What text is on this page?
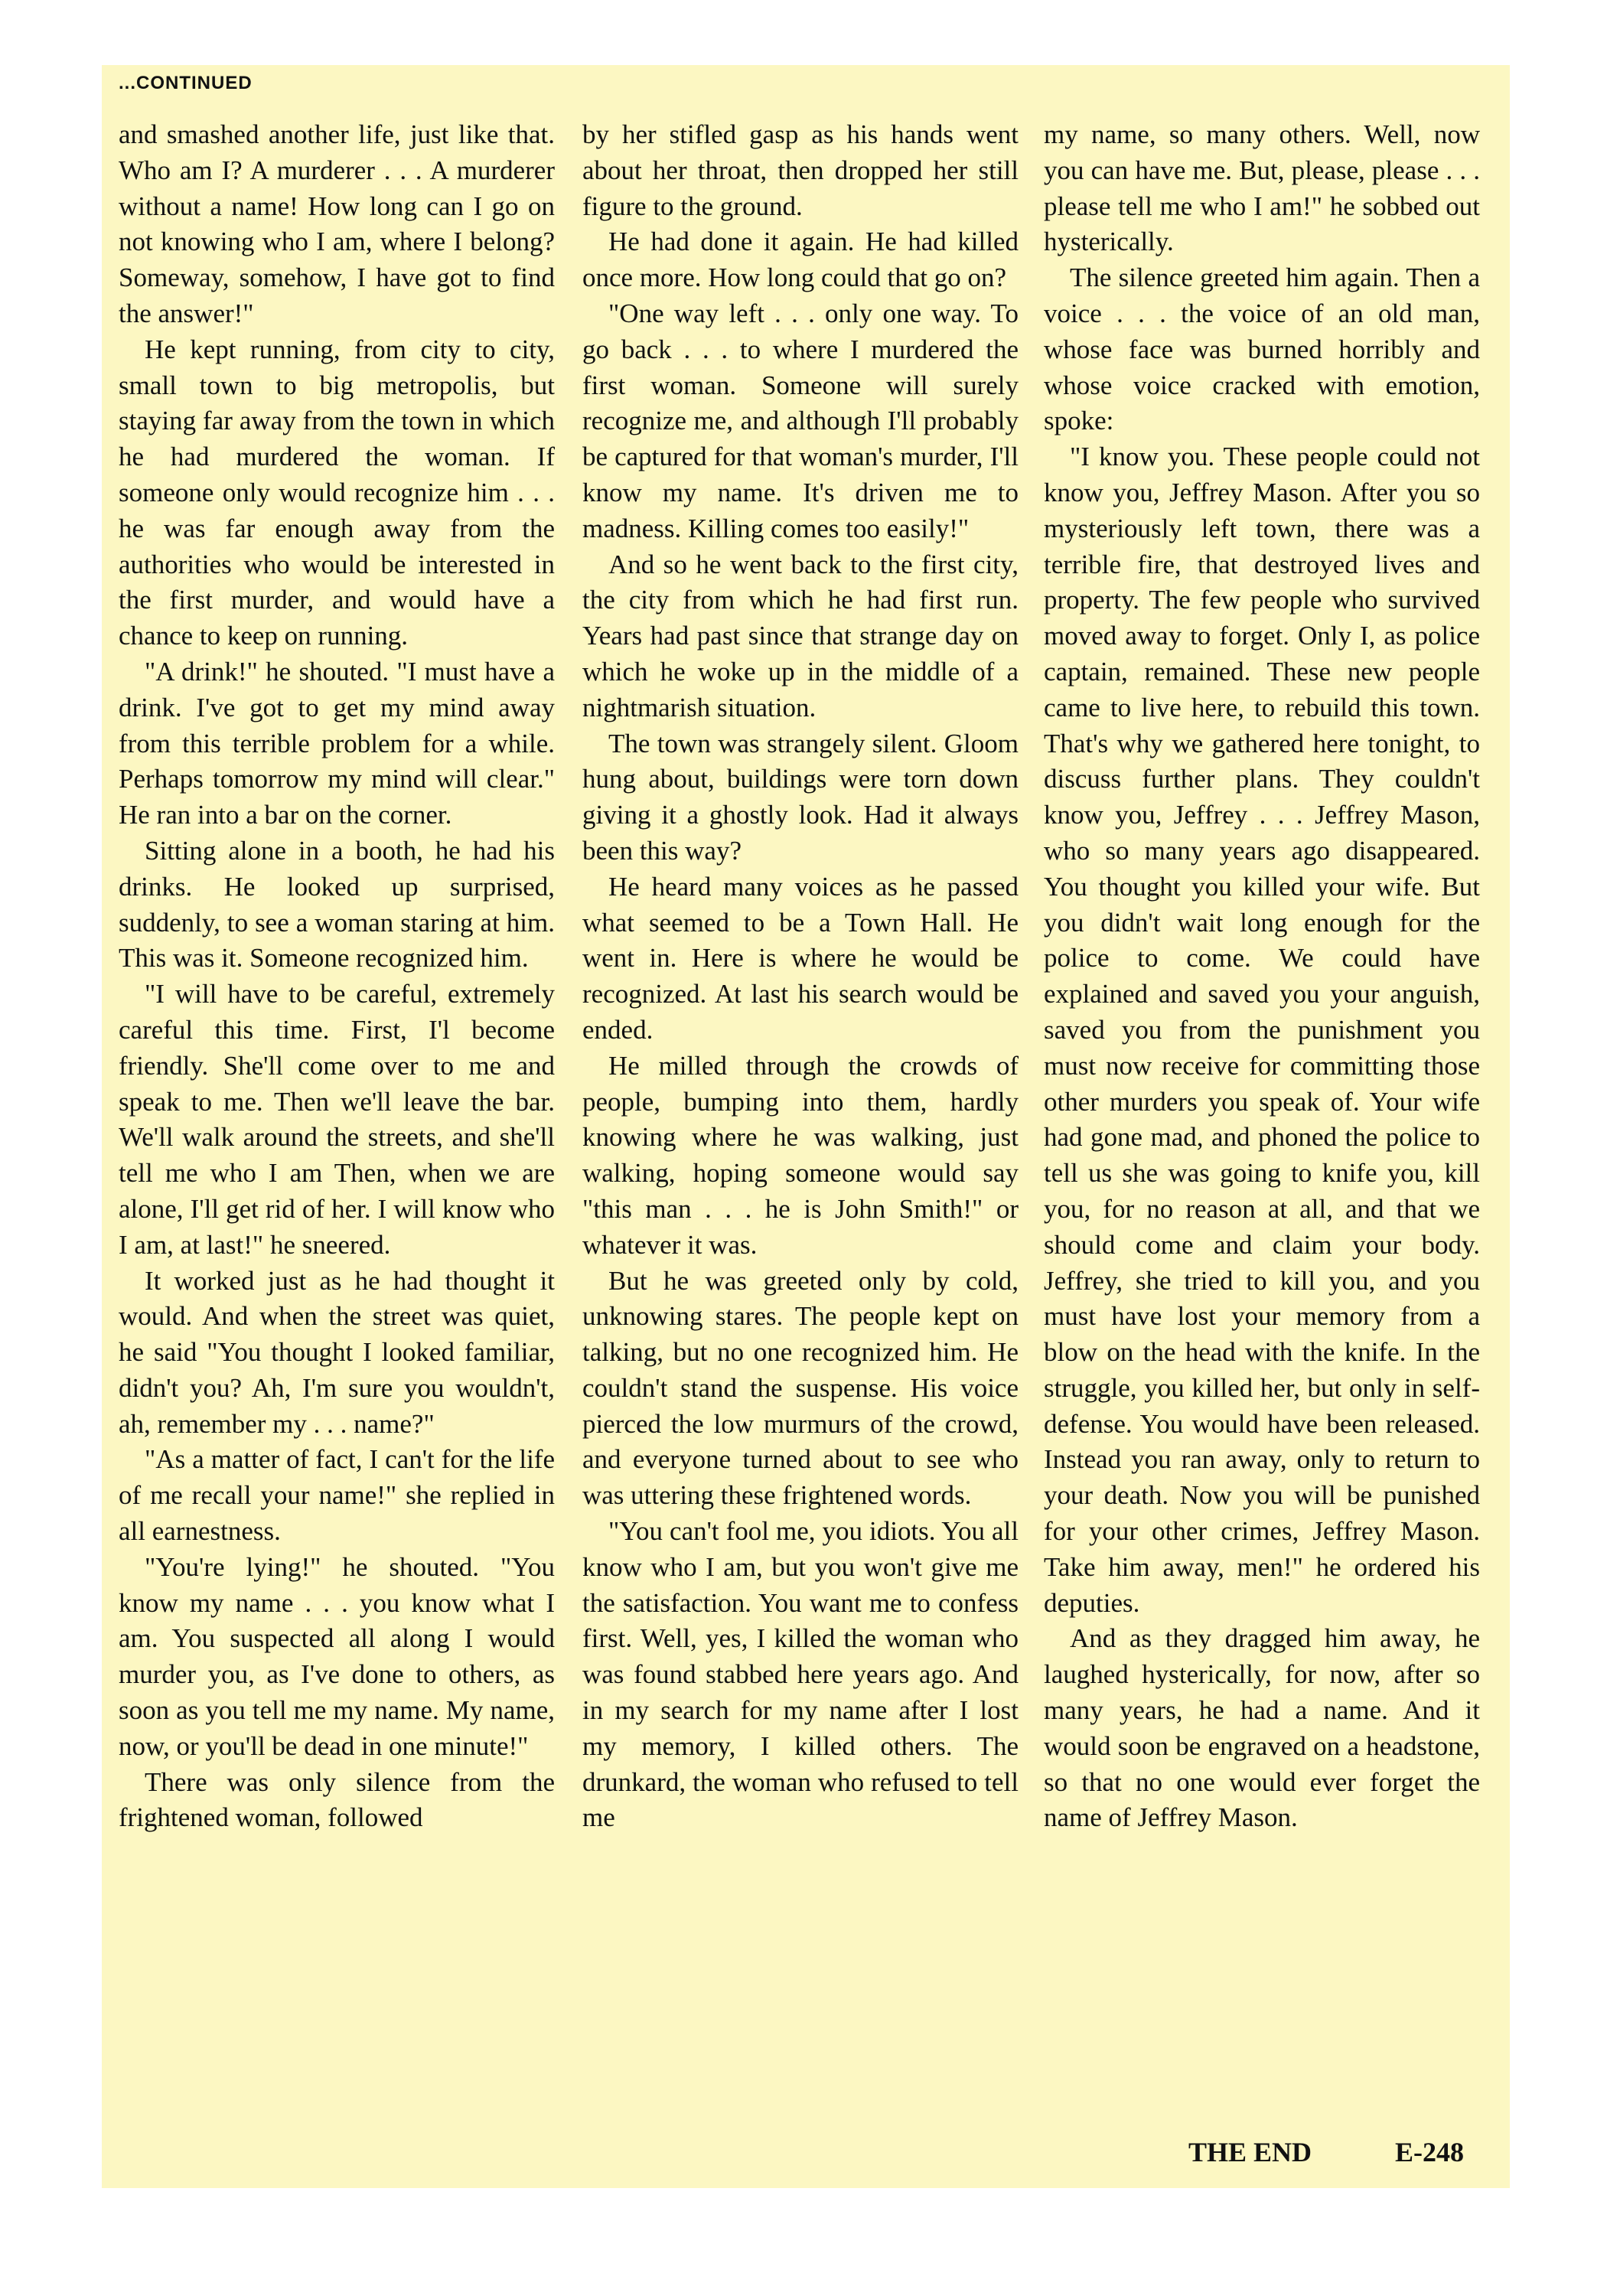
...CONTINUED

and smashed another life, just like that. Who am I? A murderer . . . A murderer without a name! How long can I go on not knowing who I am, where I belong? Someway, somehow, I have got to find the answer!"

He kept running, from city to city, small town to big metropolis, but staying far away from the town in which he had murdered the woman. If someone only would recognize him . . . he was far enough away from the authorities who would be interested in the first murder, and would have a chance to keep on running.

"A drink!" he shouted. "I must have a drink. I've got to get my mind away from this terrible problem for a while. Perhaps tomorrow my mind will clear." He ran into a bar on the corner.

Sitting alone in a booth, he had his drinks. He looked up surprised, suddenly, to see a woman staring at him. This was it. Someone recognized him.

"I will have to be careful, extremely careful this time. First, I'l become friendly. She'll come over to me and speak to me. Then we'll leave the bar. We'll walk around the streets, and she'll tell me who I am Then, when we are alone, I'll get rid of her. I will know who I am, at last!" he sneered.

It worked just as he had thought it would. And when the street was quiet, he said "You thought I looked familiar, didn't you? Ah, I'm sure you wouldn't, ah, remember my . . . name?"

"As a matter of fact, I can't for the life of me recall your name!" she replied in all earnestness.

"You're lying!" he shouted. "You know my name . . . you know what I am. You suspected all along I would murder you, as I've done to others, as soon as you tell me my name. My name, now, or you'll be dead in one minute!"

There was only silence from the frightened woman, followed

by her stifled gasp as his hands went about her throat, then dropped her still figure to the ground.

He had done it again. He had killed once more. How long could that go on?

"One way left . . . only one way. To go back . . . to where I murdered the first woman. Someone will surely recognize me, and although I'll probably be captured for that woman's murder, I'll know my name. It's driven me to madness. Killing comes too easily!"

And so he went back to the first city, the city from which he had first run. Years had past since that strange day on which he woke up in the middle of a nightmarish situation.

The town was strangely silent. Gloom hung about, buildings were torn down giving it a ghostly look. Had it always been this way?

He heard many voices as he passed what seemed to be a Town Hall. He went in. Here is where he would be recognized. At last his search would be ended.

He milled through the crowds of people, bumping into them, hardly knowing where he was walking, just walking, hoping someone would say "this man . . . he is John Smith!" or whatever it was.

But he was greeted only by cold, unknowing stares. The people kept on talking, but no one recognized him. He couldn't stand the suspense. His voice pierced the low murmurs of the crowd, and everyone turned about to see who was uttering these frightened words.

"You can't fool me, you idiots. You all know who I am, but you won't give me the satisfaction. You want me to confess first. Well, yes, I killed the woman who was found stabbed here years ago. And in my search for my name after I lost my memory, I killed others. The drunkard, the woman who refused to tell me

my name, so many others. Well, now you can have me. But, please, please . . . please tell me who I am!" he sobbed out hysterically.

The silence greeted him again. Then a voice . . . the voice of an old man, whose face was burned horribly and whose voice cracked with emotion, spoke:

"I know you. These people could not know you, Jeffrey Mason. After you so mysteriously left town, there was a terrible fire, that destroyed lives and property. The few people who survived moved away to forget. Only I, as police captain, remained. These new people came to live here, to rebuild this town. That's why we gathered here tonight, to discuss further plans. They couldn't know you, Jeffrey . . . Jeffrey Mason, who so many years ago disappeared. You thought you killed your wife. But you didn't wait long enough for the police to come. We could have explained and saved you your anguish, saved you from the punishment you must now receive for committing those other murders you speak of. Your wife had gone mad, and phoned the police to tell us she was going to knife you, kill you, for no reason at all, and that we should come and claim your body. Jeffrey, she tried to kill you, and you must have lost your memory from a blow on the head with the knife. In the struggle, you killed her, but only in self-defense. You would have been released. Instead you ran away, only to return to your death. Now you will be punished for your other crimes, Jeffrey Mason. Take him away, men!" he ordered his deputies.

And as they dragged him away, he laughed hysterically, for now, after so many years, he had a name. And it would soon be engraved on a headstone, so that no one would ever forget the name of Jeffrey Mason.

THE END	E-248
